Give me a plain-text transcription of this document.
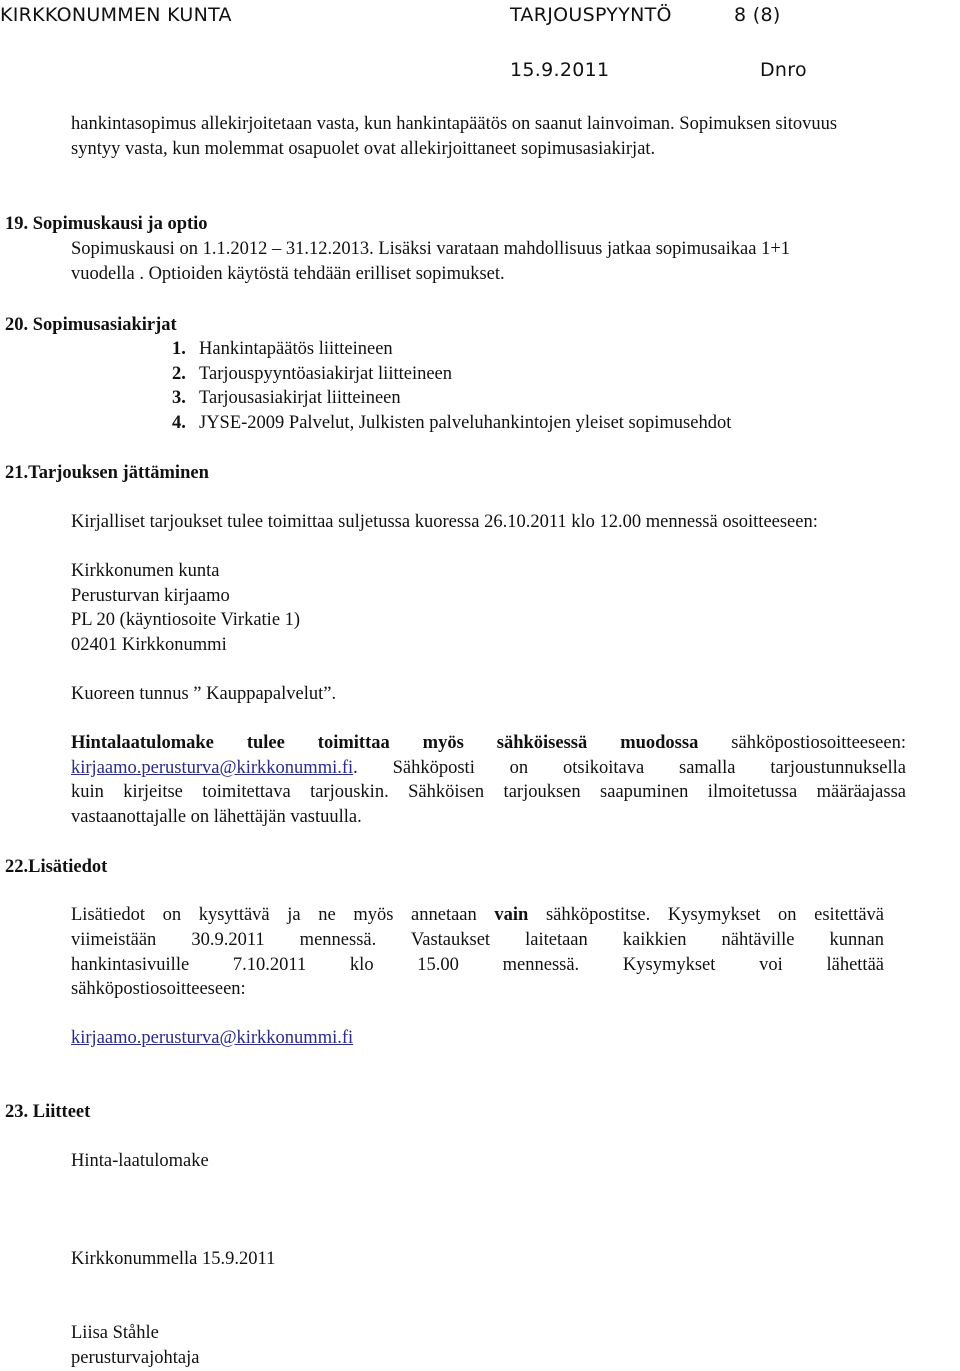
KIRKKONUMMEN KUNTA	TARJOUSPYYNTÖ	8 (8)
15.9.2011	Dnro
hankintasopimus allekirjoitetaan vasta, kun hankintapäätös on saanut lainvoiman. Sopimuksen sitovuus
syntyy vasta, kun molemmat osapuolet ovat allekirjoittaneet sopimusasiakirjat.
19. Sopimuskausi ja optio
Sopimuskausi on 1.1.2012 – 31.12.2013. Lisäksi varataan mahdollisuus jatkaa sopimusaikaa 1+1
vuodella . Optioiden käytöstä tehdään erilliset sopimukset.
20. Sopimusasiakirjat
1. Hankintapäätös liitteineen
2. Tarjouspyyntöasiakirjat liitteineen
3. Tarjousasiakirjat liitteineen
4. JYSE-2009 Palvelut, Julkisten palveluhankintojen yleiset sopimusehdot
21.Tarjouksen jättäminen
Kirjalliset tarjoukset tulee toimittaa suljetussa kuoressa 26.10.2011 klo 12.00 mennessä osoitteeseen:
Kirkkonumen kunta
Perusturvan kirjaamo
PL 20 (käyntiosoite Virkatie 1)
02401 Kirkkonummi
Kuoreen tunnus ” Kauppapalvelut”.
Hintalaatulomake tulee toimittaa myös sähköisessä muodossa sähköpostiosoitteeseen:
kirjaamo.perusturva@kirkkonummi.fi. Sähköposti on otsikoitava samalla tarjoustunnuksella
kuin kirjeitse toimitettava tarjouskin. Sähköisen tarjouksen saapuminen ilmoitetussa määräajassa
vastaanottajalle on lähettäjän vastuulla.
22.Lisätiedot
Lisätiedot on kysyttävä ja ne myös annetaan vain sähköpostitse. Kysymykset on esitettävä
viimeistään 30.9.2011 mennessä. Vastaukset laitetaan kaikkien nähtäville kunnan
hankintasivuille 7.10.2011 klo 15.00 mennessä. Kysymykset voi lähettää
sähköpostiosoitteeseen:
kirjaamo.perusturva@kirkkonummi.fi
23. Liitteet
Hinta-laatulomake
Kirkkonummella 15.9.2011
Liisa Ståhle
perusturvajohtaja
